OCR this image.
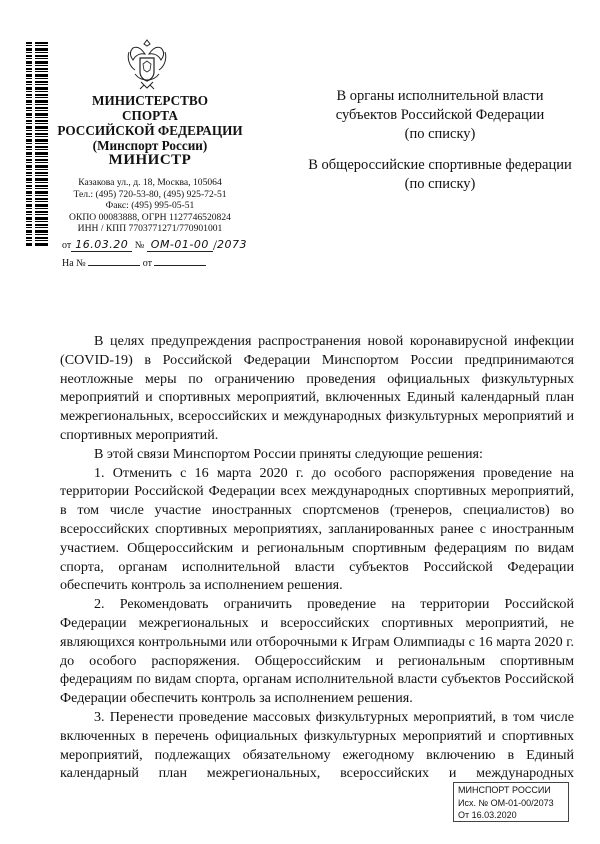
МИНИСТЕРСТВО
СПОРТА
РОССИЙСКОЙ ФЕДЕРАЦИИ
(Минспорт России)
МИНИСТР
Казакова ул., д. 18, Москва, 105064
Тел.: (495) 720-53-80, (495) 925-72-51
Факс: (495) 995-05-51
ОКПО 00083888, ОГРН 1127746520824
ИНН / КПП 7703771271/770901001
от 16.03.20 № ОМ-01-00 /2073
На №	от
В органы исполнительной власти
субъектов Российской Федерации
(по списку)
В общероссийские спортивные федерации
(по списку)

В целях предупреждения распространения новой коронавирусной инфекции (COVID-19) в Российской Федерации Минспортом России предпринимаются неотложные меры по ограничению проведения официальных физкультурных мероприятий и спортивных мероприятий, включенных Единый календарный план межрегиональных, всероссийских и международных физкультурных мероприятий и спортивных мероприятий.

В этой связи Минспортом России приняты следующие решения:

1. Отменить с 16 марта 2020 г. до особого распоряжения проведение на территории Российской Федерации всех международных спортивных мероприятий, в том числе участие иностранных спортсменов (тренеров, специалистов) во всероссийских спортивных мероприятиях, запланированных ранее с иностранным участием. Общероссийским и региональным спортивным федерациям по видам спорта, органам исполнительной власти субъектов Российской Федерации обеспечить контроль за исполнением решения.

2. Рекомендовать ограничить проведение на территории Российской Федерации межрегиональных и всероссийских спортивных мероприятий, не являющихся контрольными или отборочными к Играм Олимпиады с 16 марта 2020 г. до особого распоряжения. Общероссийским и региональным спортивным федерациям по видам спорта, органам исполнительной власти субъектов Российской Федерации обеспечить контроль за исполнением решения.

3. Перенести проведение массовых физкультурных мероприятий, в том числе включенных в перечень официальных физкультурных мероприятий и спортивных мероприятий, подлежащих обязательному ежегодному включению в Единый календарный план межрегиональных, всероссийских и международных

МИНСПОРТ РОССИИ
Исх. № ОМ-01-00/2073
От 16.03.2020
